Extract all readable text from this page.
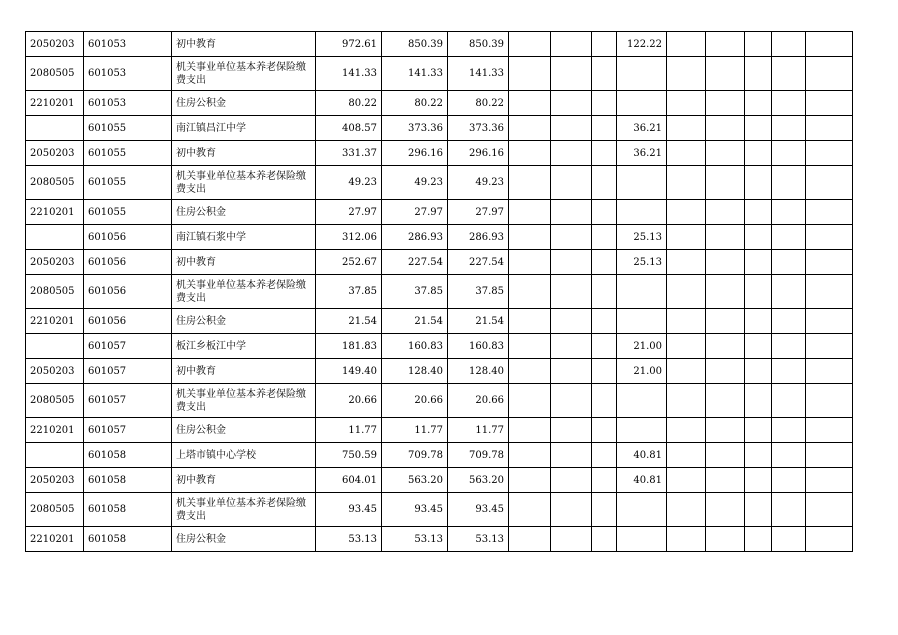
2050203	601053	初中教育	972.61	850.39	850.39				122.22					
2080505	601053	机关事业单位基本养老保险缴费支出	141.33	141.33	141.33									
2210201	601053	住房公积金	80.22	80.22	80.22									
	601055	南江镇昌江中学	408.57	373.36	373.36				36.21					
2050203	601055	初中教育	331.37	296.16	296.16				36.21					
2080505	601055	机关事业单位基本养老保险缴费支出	49.23	49.23	49.23									
2210201	601055	住房公积金	27.97	27.97	27.97									
	601056	南江镇石浆中学	312.06	286.93	286.93				25.13					
2050203	601056	初中教育	252.67	227.54	227.54				25.13					
2080505	601056	机关事业单位基本养老保险缴费支出	37.85	37.85	37.85									
2210201	601056	住房公积金	21.54	21.54	21.54									
	601057	板江乡板江中学	181.83	160.83	160.83				21.00					
2050203	601057	初中教育	149.40	128.40	128.40				21.00					
2080505	601057	机关事业单位基本养老保险缴费支出	20.66	20.66	20.66									
2210201	601057	住房公积金	11.77	11.77	11.77									
	601058	上塔市镇中心学校	750.59	709.78	709.78				40.81					
2050203	601058	初中教育	604.01	563.20	563.20				40.81					
2080505	601058	机关事业单位基本养老保险缴费支出	93.45	93.45	93.45									
2210201	601058	住房公积金	53.13	53.13	53.13									
